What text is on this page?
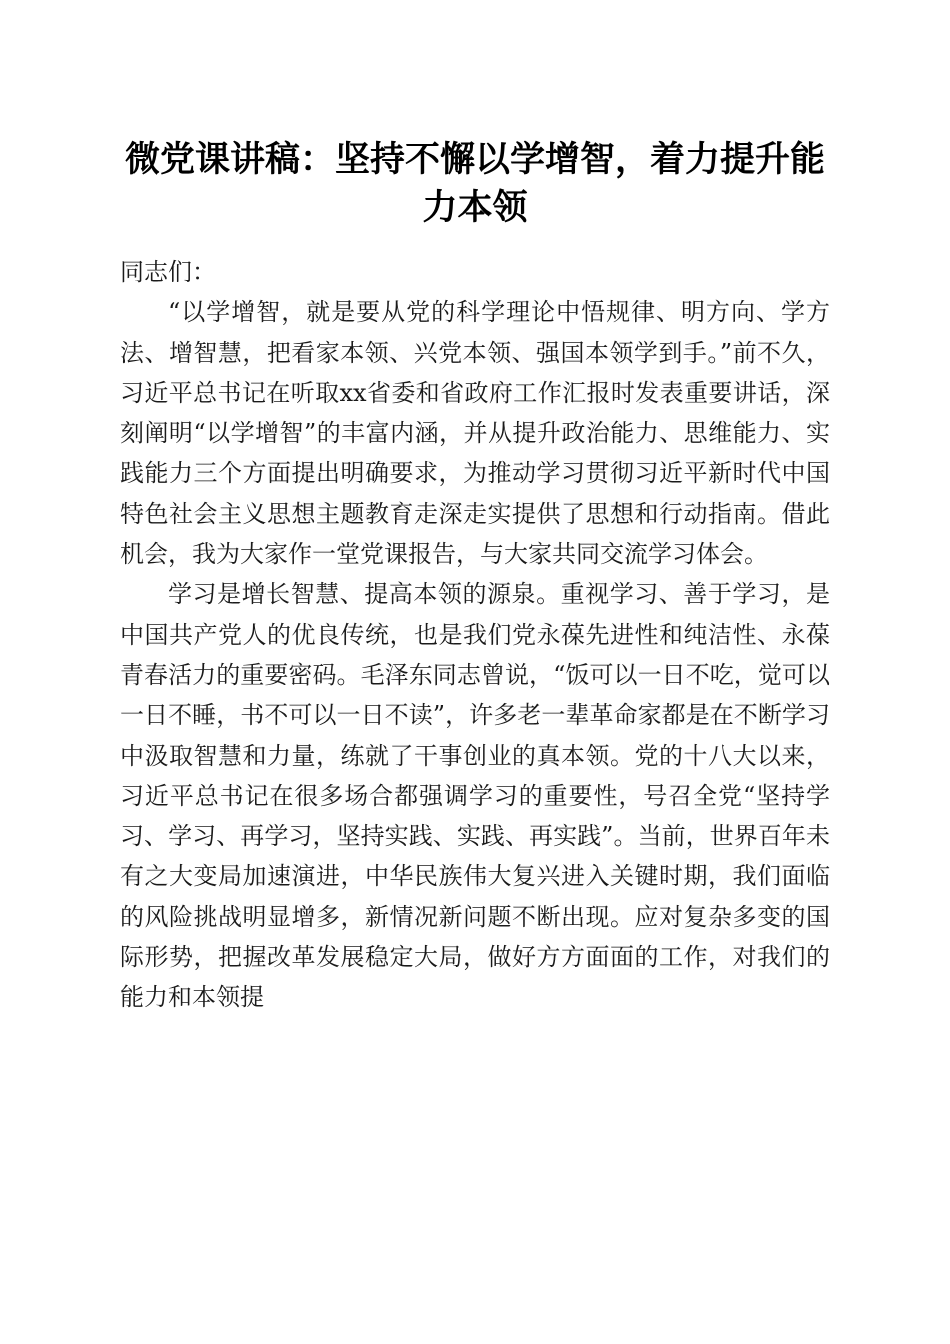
微党课讲稿：坚持不懈以学增智，着力提升能力本领

同志们：

“以学增智，就是要从党的科学理论中悟规律、明方向、学方法、增智慧，把看家本领、兴党本领、强国本领学到手。”前不久，习近平总书记在听取xx省委和省政府工作汇报时发表重要讲话，深刻阐明“以学增智”的丰富内涵，并从提升政治能力、思维能力、实践能力三个方面提出明确要求，为推动学习贯彻习近平新时代中国特色社会主义思想主题教育走深走实提供了思想和行动指南。借此机会，我为大家作一堂党课报告，与大家共同交流学习体会。

学习是增长智慧、提高本领的源泉。重视学习、善于学习，是中国共产党人的优良传统，也是我们党永葆先进性和纯洁性、永葆青春活力的重要密码。毛泽东同志曾说，“饭可以一日不吃，觉可以一日不睡，书不可以一日不读”，许多老一辈革命家都是在不断学习中汲取智慧和力量，练就了干事创业的真本领。党的十八大以来，习近平总书记在很多场合都强调学习的重要性，号召全党“坚持学习、学习、再学习，坚持实践、实践、再实践”。当前，世界百年未有之大变局加速演进，中华民族伟大复兴进入关键时期，我们面临的风险挑战明显增多，新情况新问题不断出现。应对复杂多变的国际形势，把握改革发展稳定大局，做好方方面面的工作，对我们的能力和本领提
